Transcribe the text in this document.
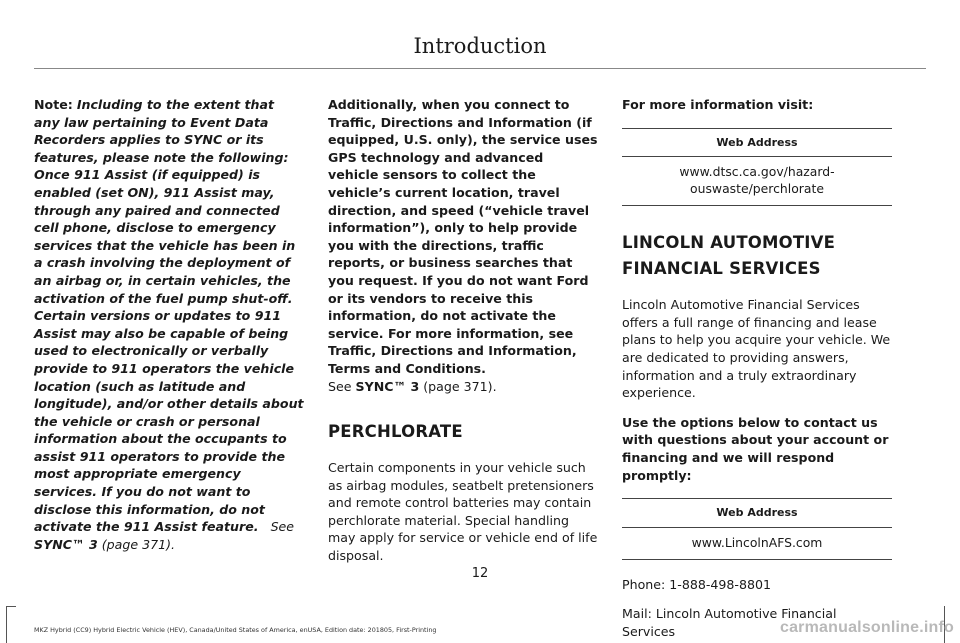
Introduction

Note: Including to the extent that any law pertaining to Event Data Recorders applies to SYNC or its features, please note the following: Once 911 Assist (if equipped) is enabled (set ON), 911 Assist may, through any paired and connected cell phone, disclose to emergency services that the vehicle has been in a crash involving the deployment of an airbag or, in certain vehicles, the activation of the fuel pump shut-off. Certain versions or updates to 911 Assist may also be capable of being used to electronically or verbally provide to 911 operators the vehicle location (such as latitude and longitude), and/or other details about the vehicle or crash or personal information about the occupants to assist 911 operators to provide the most appropriate emergency services. If you do not want to disclose this information, do not activate the 911 Assist feature. See SYNC™ 3 (page 371).

Additionally, when you connect to Traffic, Directions and Information (if equipped, U.S. only), the service uses GPS technology and advanced vehicle sensors to collect the vehicle’s current location, travel direction, and speed (“vehicle travel information”), only to help provide you with the directions, traffic reports, or business searches that you request. If you do not want Ford or its vendors to receive this information, do not activate the service. For more information, see Traffic, Directions and Information, Terms and Conditions.

See SYNC™ 3 (page 371).

PERCHLORATE

Certain components in your vehicle such as airbag modules, seatbelt pretensioners and remote control batteries may contain perchlorate material. Special handling may apply for service or vehicle end of life disposal.

For more information visit:

Web Address
www.dtsc.ca.gov/hazard-ouswaste/perchlorate
LINCOLN AUTOMOTIVE
FINANCIAL SERVICES

Lincoln Automotive Financial Services offers a full range of financing and lease plans to help you acquire your vehicle. We are dedicated to providing answers, information and a truly extraordinary experience.

Use the options below to contact us with questions about your account or financing and we will respond promptly:

Web Address
www.LincolnAFS.com

Phone: 1-888-498-8801

Mail: Lincoln Automotive Financial Services

12
MKZ Hybrid (CC9) Hybrid Electric Vehicle (HEV), Canada/United States of America, enUSA, Edition date: 201805, First-Printing	carmanualsonline.info
